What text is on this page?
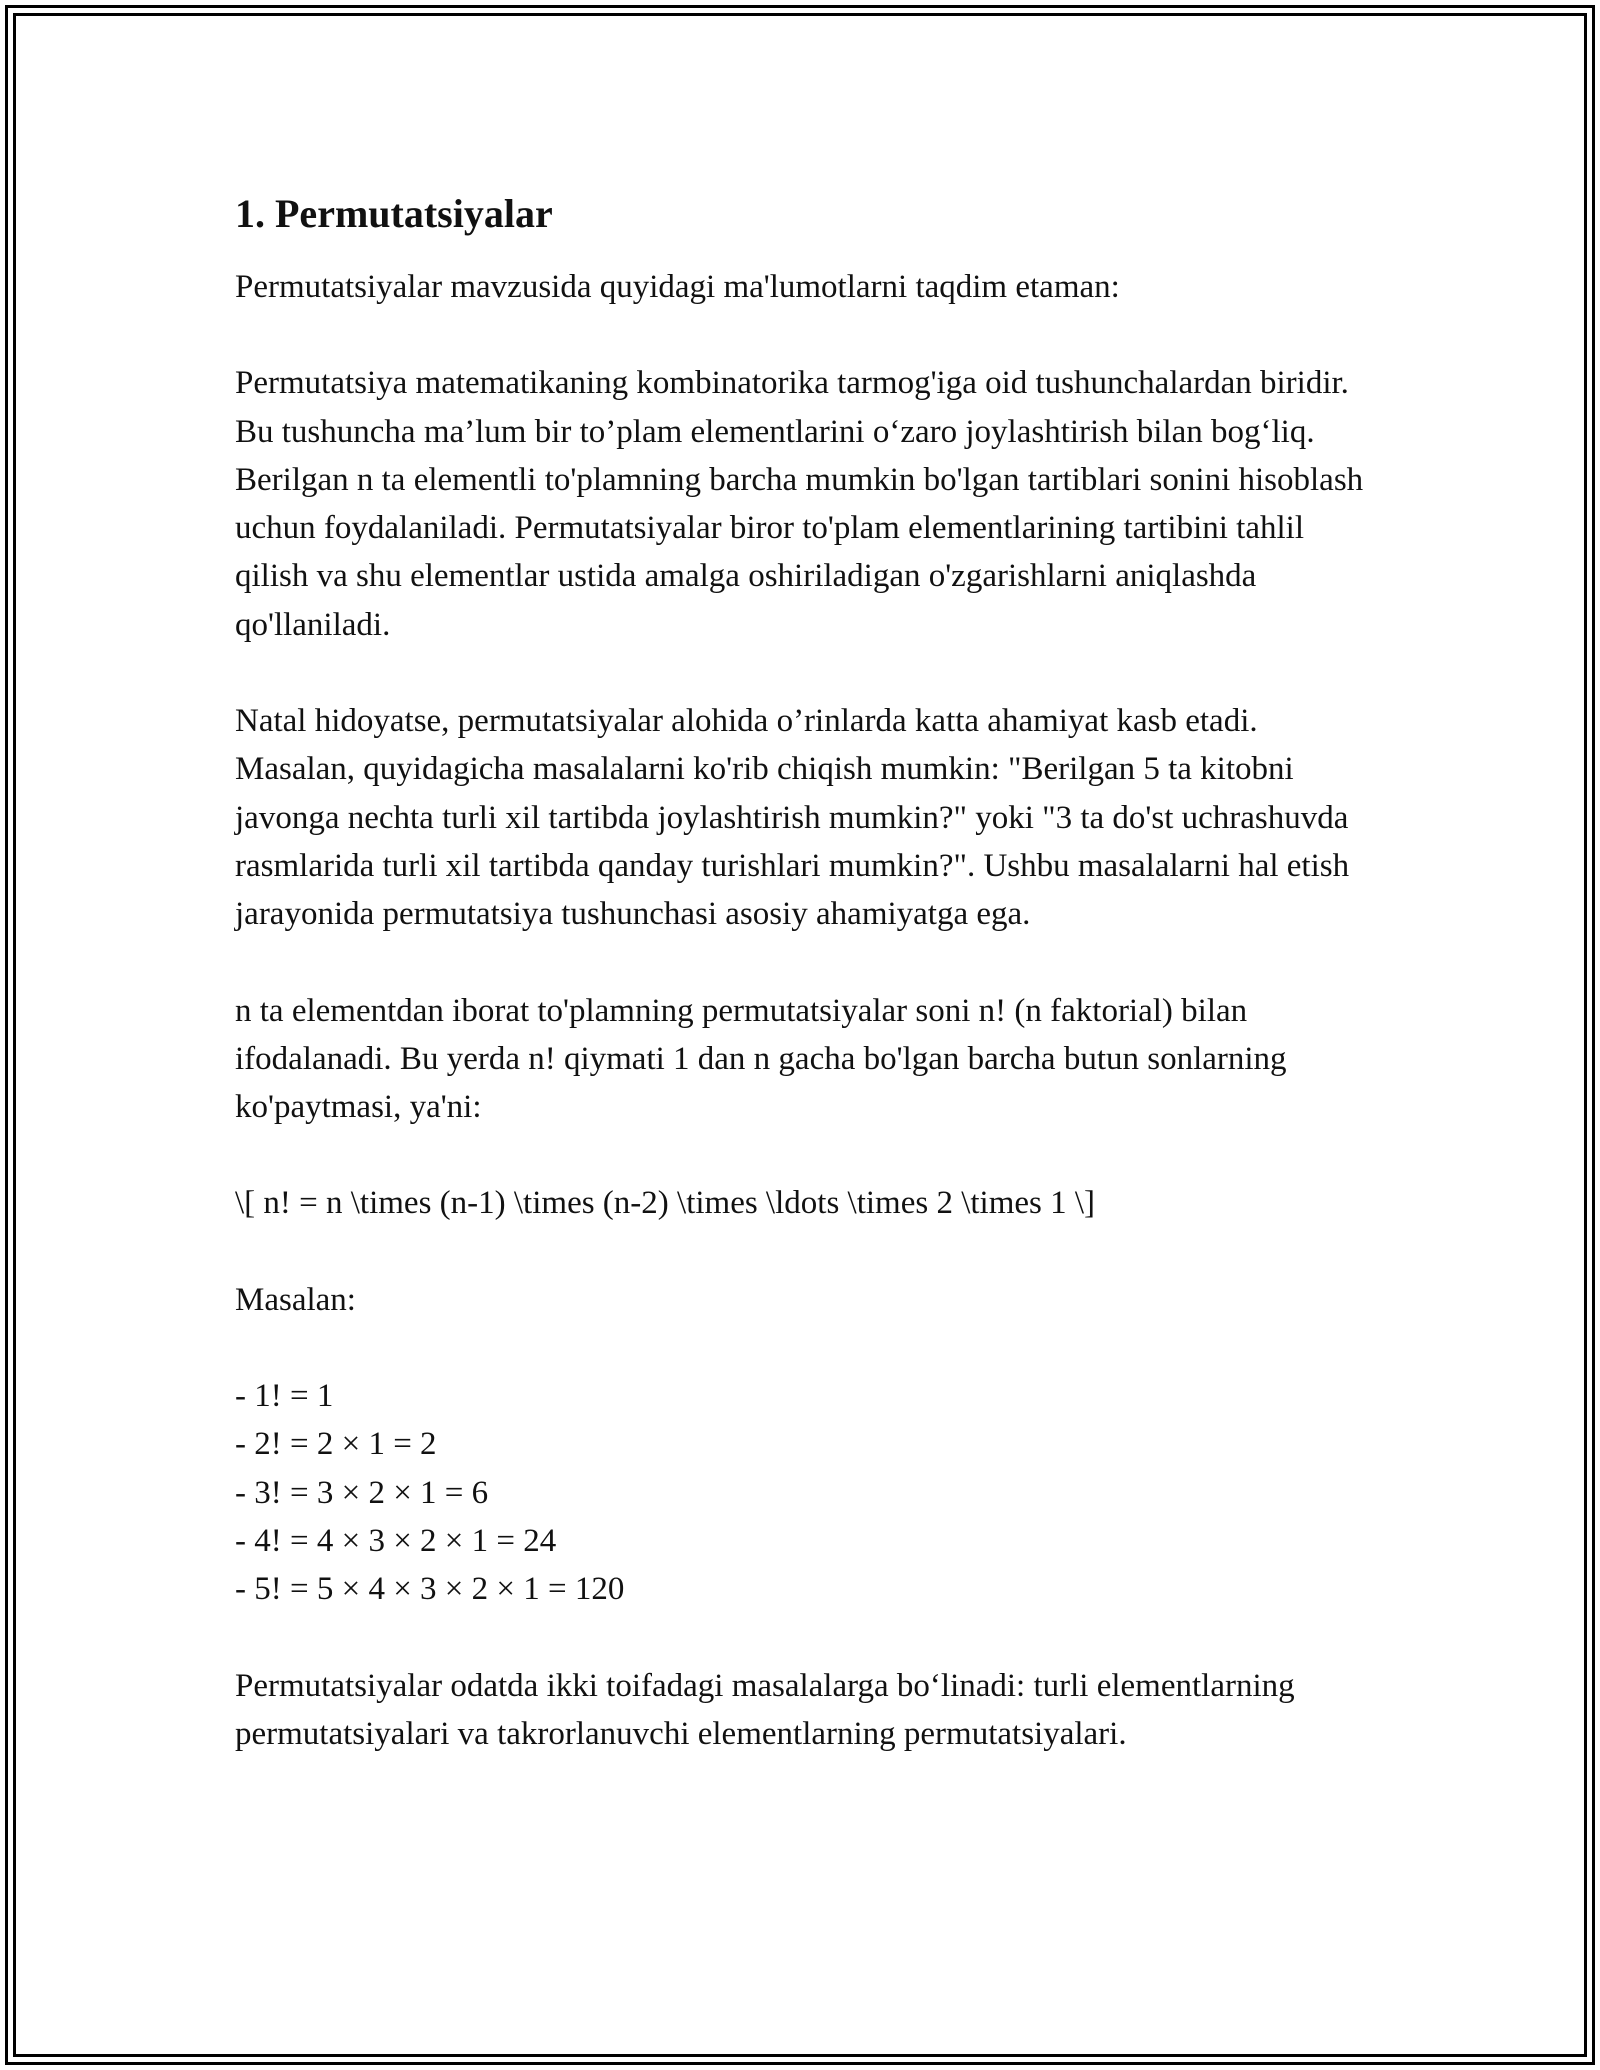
1. Permutatsiyalar

Permutatsiyalar mavzusida quyidagi ma'lumotlarni taqdim etaman:

Permutatsiya matematikaning kombinatorika tarmog'iga oid tushunchalardan biridir. Bu tushuncha ma’lum bir to’plam elementlarini o‘zaro joylashtirish bilan bog‘liq. Berilgan n ta elementli to'plamning barcha mumkin bo'lgan tartiblari sonini hisoblash uchun foydalaniladi. Permutatsiyalar biror to'plam elementlarining tartibini tahlil qilish va shu elementlar ustida amalga oshiriladigan o'zgarishlarni aniqlashda qo'llaniladi.

Natal hidoyatse, permutatsiyalar alohida o’rinlarda katta ahamiyat kasb etadi. Masalan, quyidagicha masalalarni ko'rib chiqish mumkin: "Berilgan 5 ta kitobni javonga nechta turli xil tartibda joylashtirish mumkin?" yoki "3 ta do'st uchrashuvda rasmlarida turli xil tartibda qanday turishlari mumkin?". Ushbu masalalarni hal etish jarayonida permutatsiya tushunchasi asosiy ahamiyatga ega.

n ta elementdan iborat to'plamning permutatsiyalar soni n! (n faktorial) bilan ifodalanadi. Bu yerda n! qiymati 1 dan n gacha bo'lgan barcha butun sonlarning ko'paytmasi, ya'ni:

\[ n! = n \times (n-1) \times (n-2) \times \ldots \times 2 \times 1 \]

Masalan:

- 1! = 1
- 2! = 2 × 1 = 2
- 3! = 3 × 2 × 1 = 6
- 4! = 4 × 3 × 2 × 1 = 24
- 5! = 5 × 4 × 3 × 2 × 1 = 120

Permutatsiyalar odatda ikki toifadagi masalalarga bo‘linadi: turli elementlarning permutatsiyalari va takrorlanuvchi elementlarning permutatsiyalari.
